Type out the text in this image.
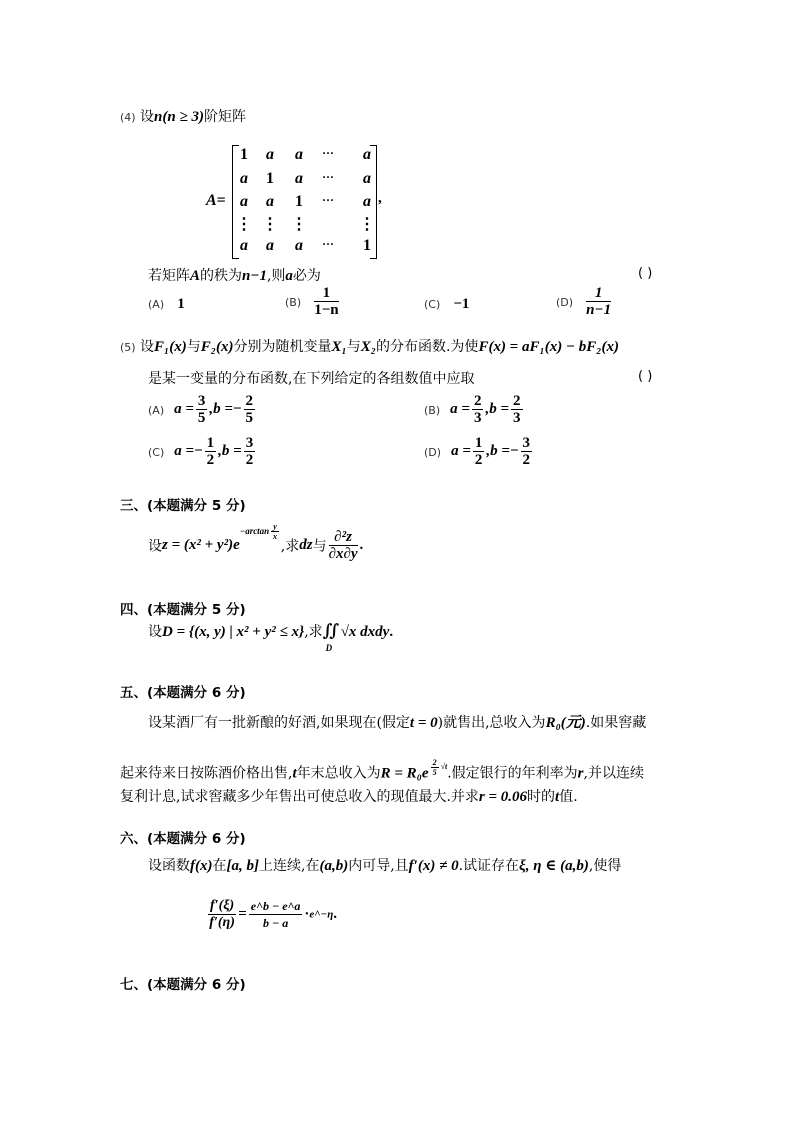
(4) 设n(n ≥ 3)阶矩阵
A=
1	a	a	···	a
a	1	a	···	a
a	a	1	···	a
⋮ ⋮ ⋮	⋮
a	a	a	···	1
,
若矩阵A的秩为n−1,则a必为	( )
(A) 1	$(B) \frac{1}{1-n}$	(C) −1	$(D) \frac{1}{n-1}$
(5) 设F₁(x)与F₂(x)分别为随机变量X₁与X₂的分布函数.为使F(x) = aF₁(x) − bF₂(x)
是某一变量的分布函数,在下列给定的各组数值中应取	( )
(A) $a = \frac{3}{5} ,b =- \frac{2}{5}$	(B) $a = \frac{2}{3} ,b = \frac{2}{3}$
(C) $a =- \frac{1}{2} ,b = \frac{3}{2}$	(D) $a = \frac{1}{2} ,b =- \frac{3}{2}$
三、(本题满分 5 分)
设$z = (x^2 + y^2)e^{-arctan \frac{y}{x}}$
,求dz与 $\frac{\text{∂²z}}{\partial x\partial y}$ .
四、(本题满分 5 分)
设D = {(x, y) | x² + y² ≤ x},求∬
D
√x dxdy.
五、(本题满分 6 分)
设某酒厂有一批新酿的好酒,如果现在(假定t = 0)就售出,总收入为R₀(元).如果窖藏
起来待来日按陈酒价格出售,t年末总收入为R = R₀e $^{\frac{2}{5} √t}$.假定银行的年利率为r,并以连续
复利计息,试求窖藏多少年售出可使总收入的现值最大.并求r = 0.06时的t值.
六、(本题满分 6 分)
设函数f(x)在[a, b]上连续,在(a,b)内可导,且f′(x) ≠ 0.试证存在ξ, η ∈ (a,b),使得
$\frac{f'(\xi)}{f'(\eta)} = \frac{e\^{}b - e\^{}a}{b - a}$ ·e^−η.
七、(本题满分 6 分)
